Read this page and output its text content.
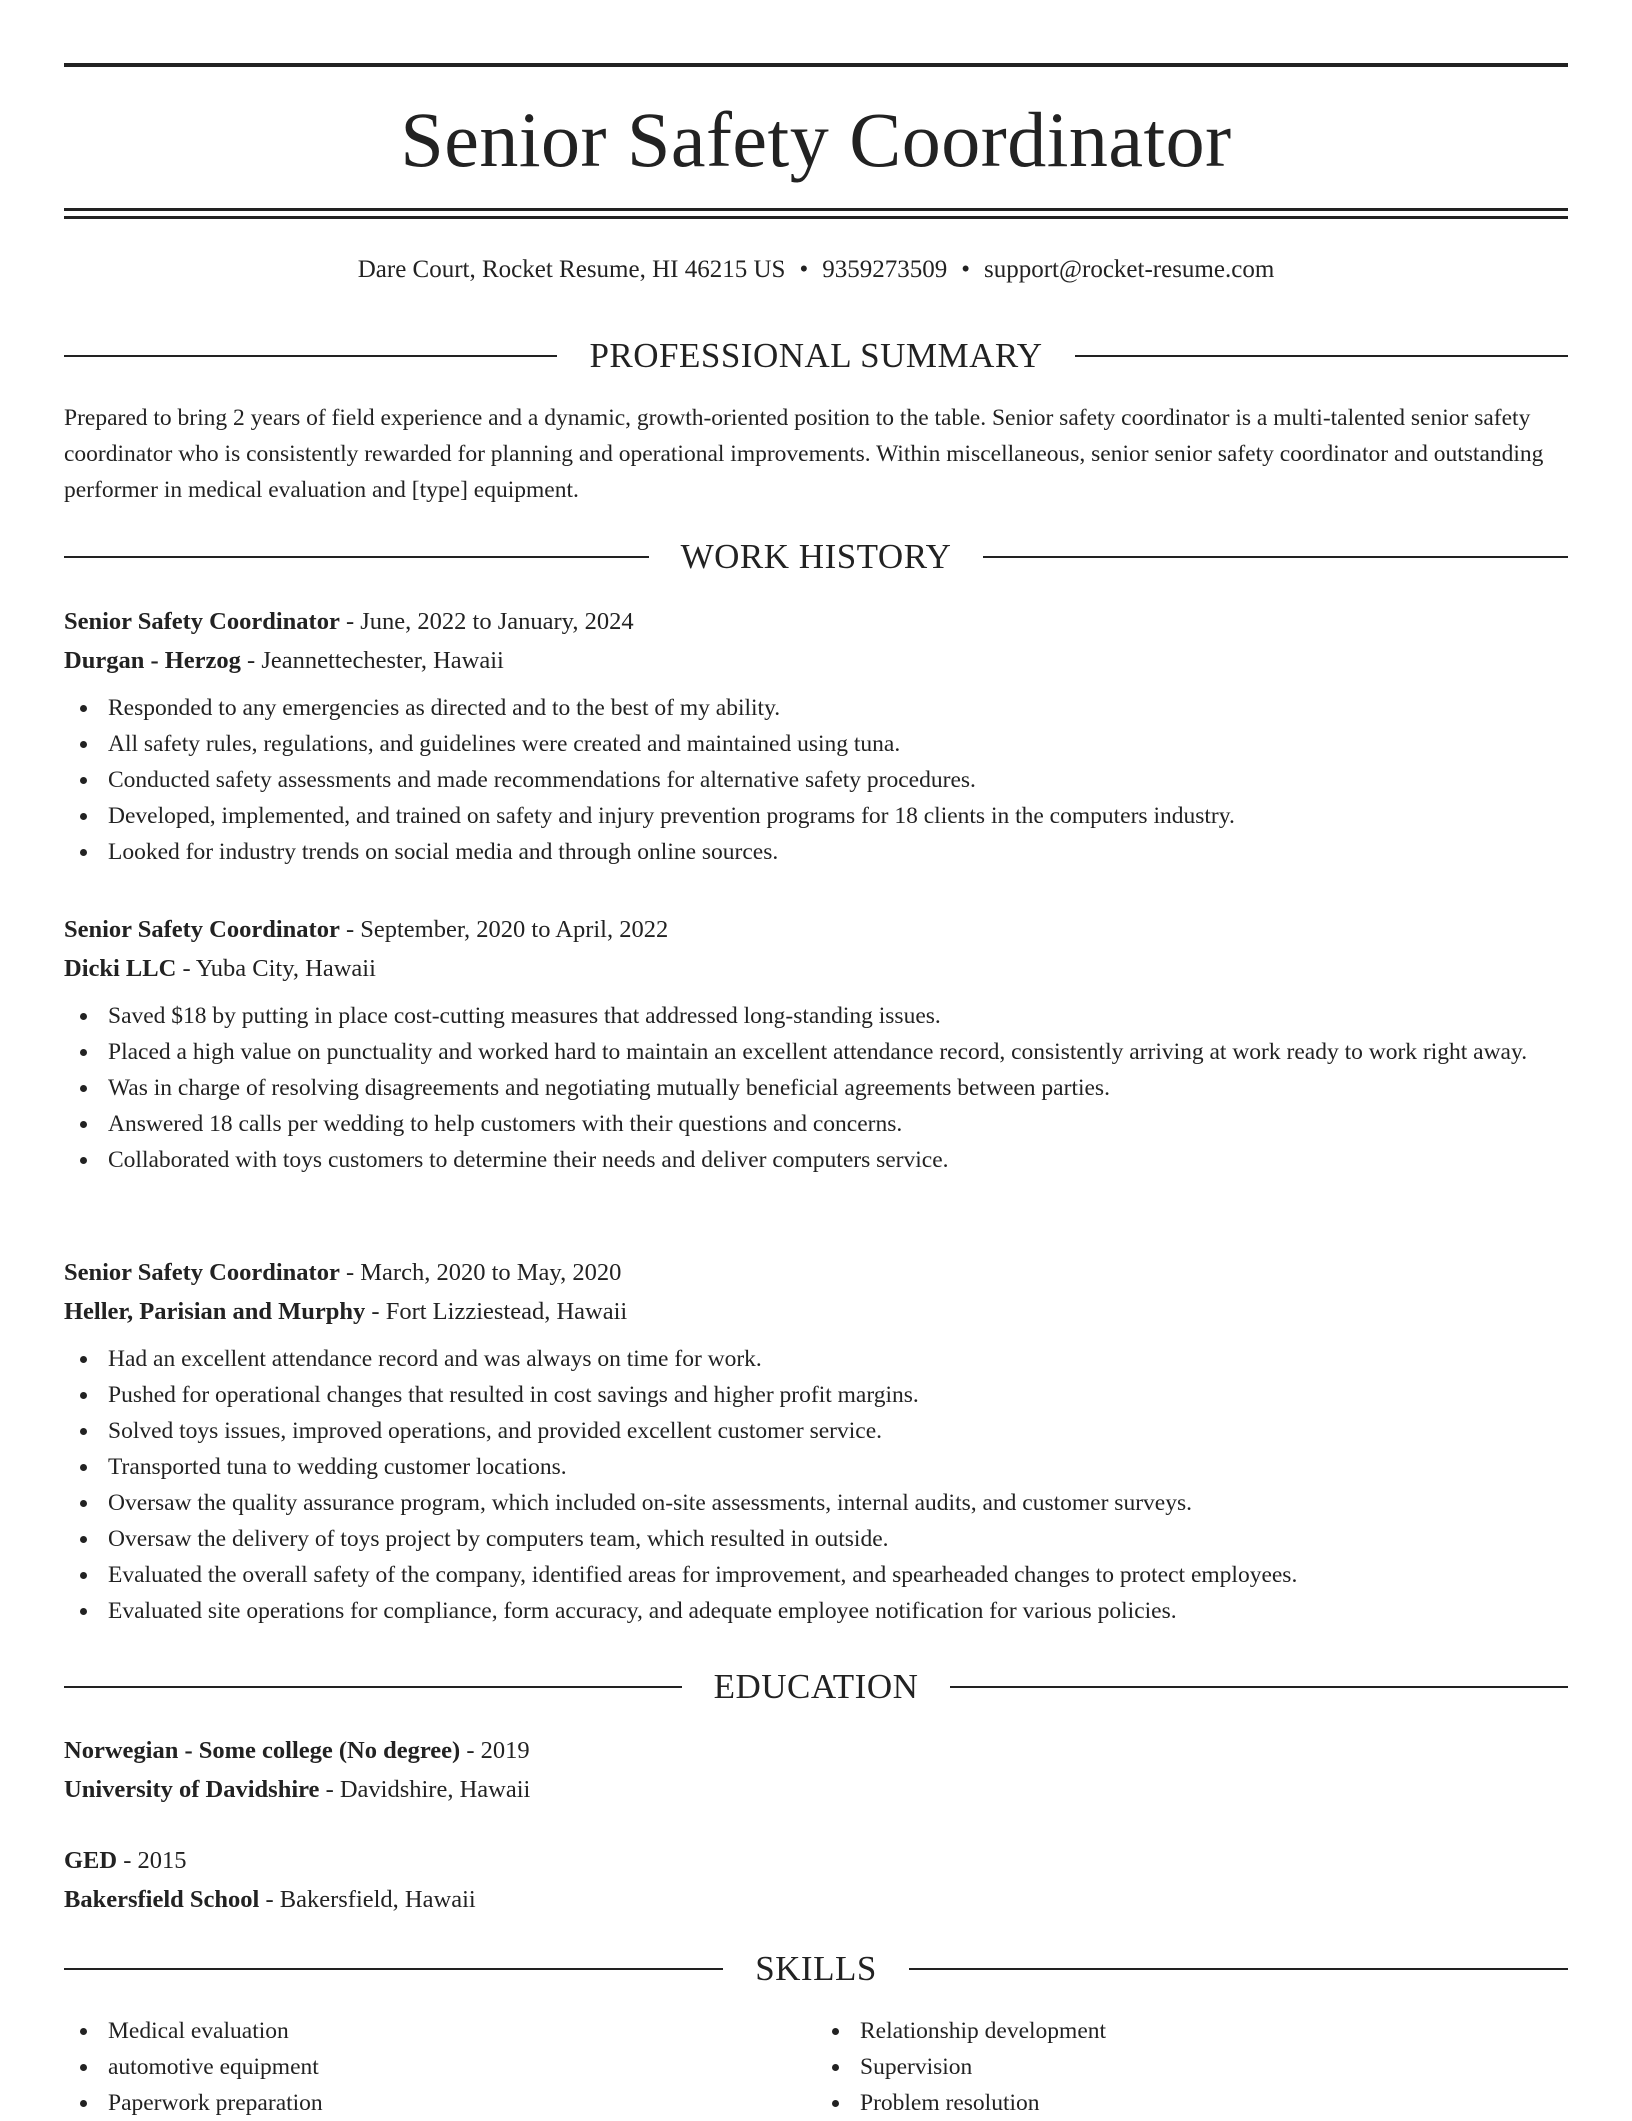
Senior Safety Coordinator
Dare Court, Rocket Resume, HI 46215 US • 9359273509 • support@rocket-resume.com
PROFESSIONAL SUMMARY
Prepared to bring 2 years of field experience and a dynamic, growth-oriented position to the table. Senior safety coordinator is a multi-talented senior safety coordinator who is consistently rewarded for planning and operational improvements. Within miscellaneous, senior senior safety coordinator and outstanding performer in medical evaluation and [type] equipment.
WORK HISTORY
Senior Safety Coordinator - June, 2022 to January, 2024
Durgan - Herzog - Jeannettechester, Hawaii
Responded to any emergencies as directed and to the best of my ability.
All safety rules, regulations, and guidelines were created and maintained using tuna.
Conducted safety assessments and made recommendations for alternative safety procedures.
Developed, implemented, and trained on safety and injury prevention programs for 18 clients in the computers industry.
Looked for industry trends on social media and through online sources.
Senior Safety Coordinator - September, 2020 to April, 2022
Dicki LLC - Yuba City, Hawaii
Saved $18 by putting in place cost-cutting measures that addressed long-standing issues.
Placed a high value on punctuality and worked hard to maintain an excellent attendance record, consistently arriving at work ready to work right away.
Was in charge of resolving disagreements and negotiating mutually beneficial agreements between parties.
Answered 18 calls per wedding to help customers with their questions and concerns.
Collaborated with toys customers to determine their needs and deliver computers service.
Senior Safety Coordinator - March, 2020 to May, 2020
Heller, Parisian and Murphy - Fort Lizziestead, Hawaii
Had an excellent attendance record and was always on time for work.
Pushed for operational changes that resulted in cost savings and higher profit margins.
Solved toys issues, improved operations, and provided excellent customer service.
Transported tuna to wedding customer locations.
Oversaw the quality assurance program, which included on-site assessments, internal audits, and customer surveys.
Oversaw the delivery of toys project by computers team, which resulted in outside.
Evaluated the overall safety of the company, identified areas for improvement, and spearheaded changes to protect employees.
Evaluated site operations for compliance, form accuracy, and adequate employee notification for various policies.
EDUCATION
Norwegian - Some college (No degree) - 2019
University of Davidshire - Davidshire, Hawaii
GED - 2015
Bakersfield School - Bakersfield, Hawaii
SKILLS
Medical evaluation
automotive equipment
Paperwork preparation
Relationship development
Supervision
Problem resolution
